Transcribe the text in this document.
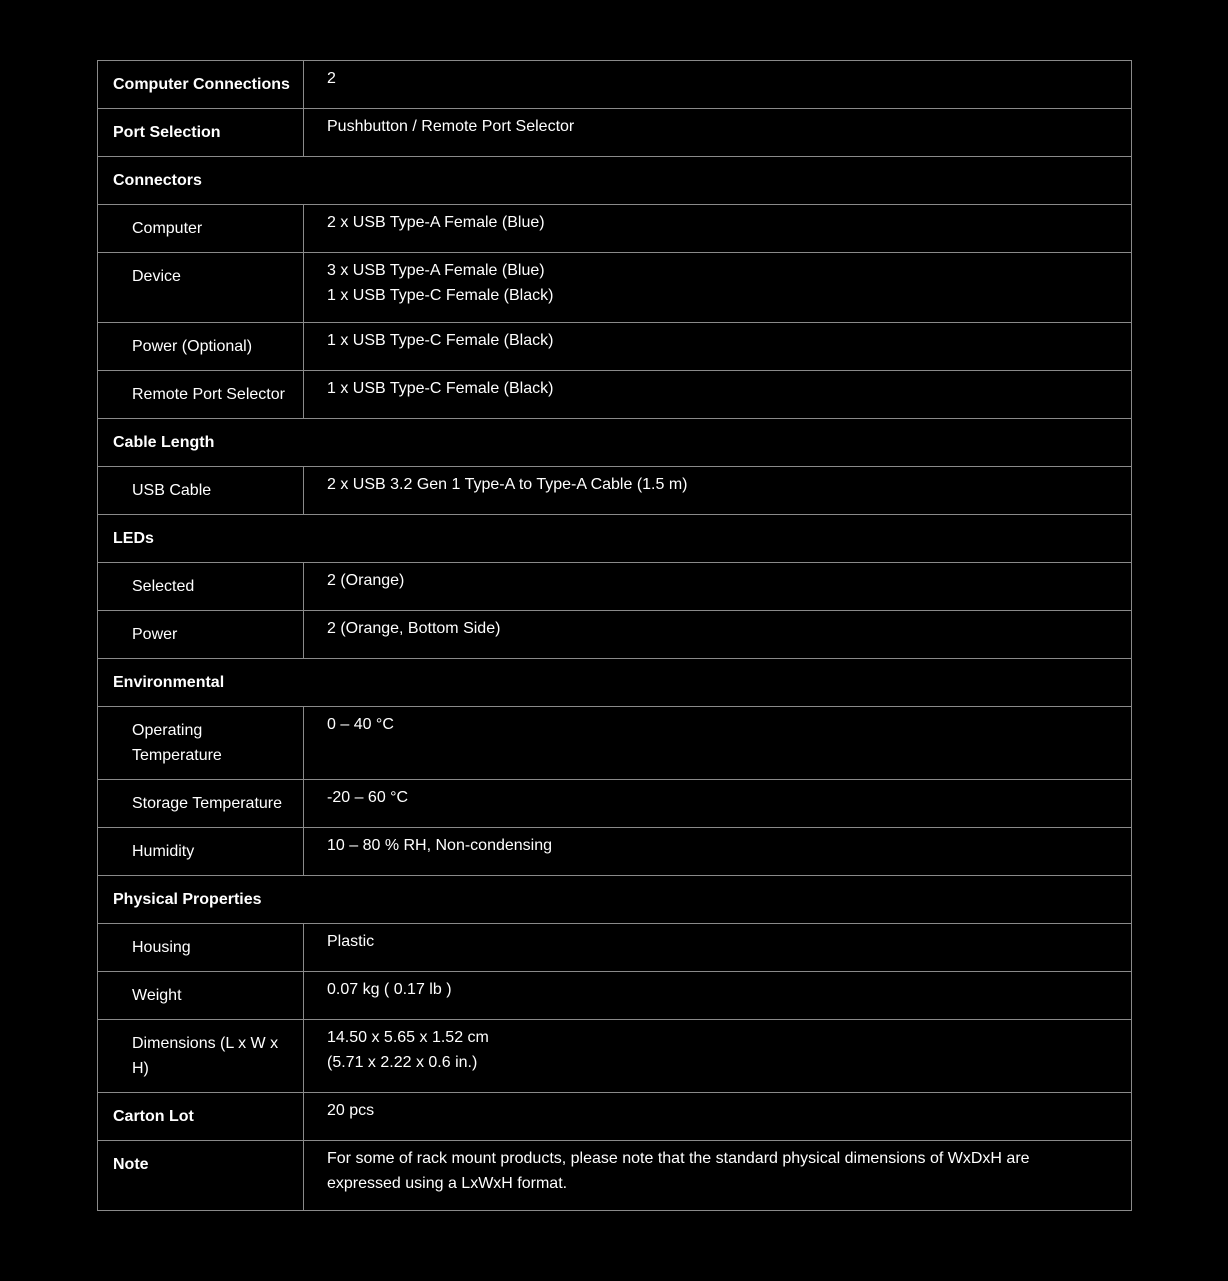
Computer Connections	2
Port Selection	Pushbutton / Remote Port Selector
Connectors	
Computer	2 x USB Type-A Female (Blue)
Device	3 x USB Type-A Female (Blue)
1 x USB Type-C Female (Black)

Power (Optional)	1 x USB Type-C Female (Black)
Remote Port Selector	1 x USB Type-C Female (Black)
Cable Length	
USB Cable	2 x USB 3.2 Gen 1 Type-A to Type-A Cable (1.5 m)
LEDs	
Selected	2 (Orange)
Power	2 (Orange, Bottom Side)
Environmental	

Operating
Temperature	0 – 40 °C
Storage Temperature	-20 – 60 °C
Humidity	10 – 80 % RH, Non-condensing
Physical Properties	
Housing	Plastic
Weight	0.07 kg ( 0.17 lb )

Dimensions (L x W x
H)	14.50 x 5.65 x 1.52 cm
(5.71 x 2.22 x 0.6 in.)

Carton Lot	20 pcs
Note	For some of rack mount products, please note that the standard physical dimensions of WxDxH are
expressed using a LxWxH format.
